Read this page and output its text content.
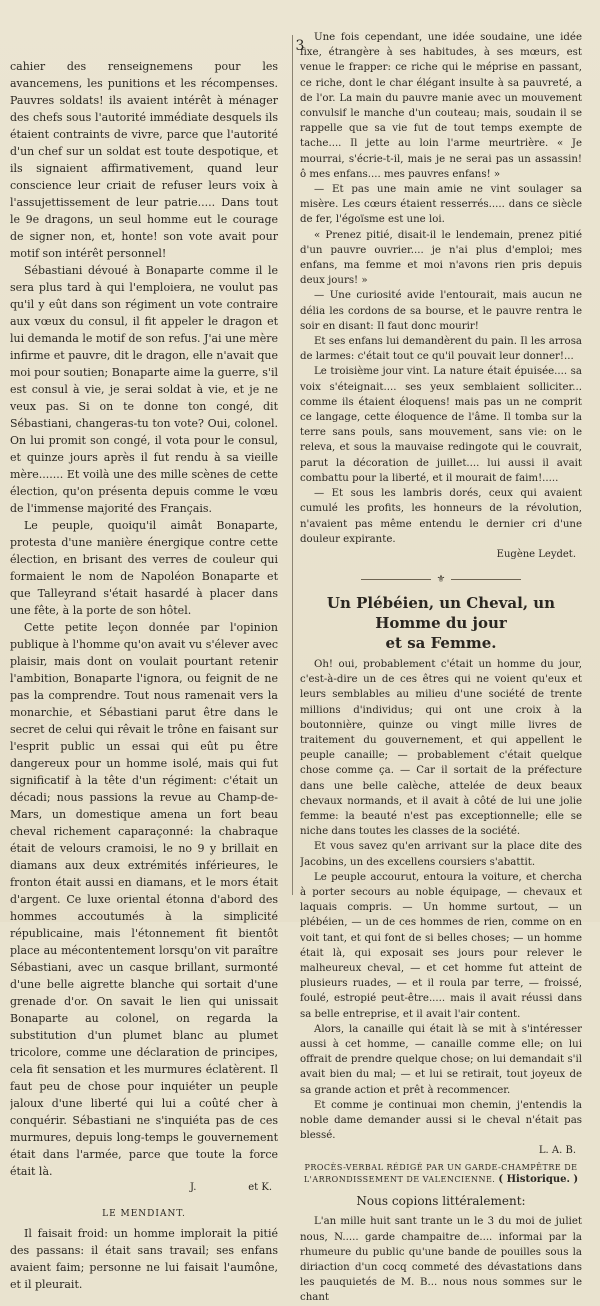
3

cahier des renseignemens pour les avancemens, les punitions et les récompenses. Pauvres soldats! ils avaient intérêt à ménager des chefs sous l'autorité immédiate desquels ils étaient contraints de vivre, parce que l'autorité d'un chef sur un soldat est toute despotique, et ils signaient affirmativement, quand leur conscience leur criait de refuser leurs voix à l'assujettissement de leur patrie..... Dans tout le 9e dragons, un seul homme eut le courage de signer non, et, honte! son vote avait pour motif son intérêt personnel!

Sébastiani dévoué à Bonaparte comme il le sera plus tard à qui l'emploiera, ne voulut pas qu'il y eût dans son régiment un vote contraire aux vœux du consul, il fit appeler le dragon et lui demanda le motif de son refus. J'ai une mère infirme et pauvre, dit le dragon, elle n'avait que moi pour soutien; Bonaparte aime la guerre, s'il est consul à vie, je serai soldat à vie, et je ne veux pas. Si on te donne ton congé, dit Sébastiani, changeras-tu ton vote? Oui, colonel. On lui promit son congé, il vota pour le consul, et quinze jours après il fut rendu à sa vieille mère....... Et voilà une des mille scènes de cette élection, qu'on présenta depuis comme le vœu de l'immense majorité des Français.

Le peuple, quoiqu'il aimât Bonaparte, protesta d'une manière énergique contre cette élection, en brisant des verres de couleur qui formaient le nom de Napoléon Bonaparte et que Talleyrand s'était hasardé à placer dans une fête, à la porte de son hôtel.

Cette petite leçon donnée par l'opinion publique à l'homme qu'on avait vu s'élever avec plaisir, mais dont on voulait pourtant retenir l'ambition, Bonaparte l'ignora, ou feignit de ne pas la comprendre. Tout nous ramenait vers la monarchie, et Sébastiani parut être dans le secret de celui qui rêvait le trône en faisant sur l'esprit public un essai qui eût pu être dangereux pour un homme isolé, mais qui fut significatif à la tête d'un régiment: c'était un décadi; nous passions la revue au Champ-de-Mars, un domestique amena un fort beau cheval richement caparaçonné: la chabraque était de velours cramoisi, le no 9 y brillait en diamans aux deux extrémités inférieures, le fronton était aussi en diamans, et le mors était d'argent. Ce luxe oriental étonna d'abord des hommes accoutumés à la simplicité républicaine, mais l'étonnement fit bientôt place au mécontentement lorsqu'on vit paraître Sébastiani, avec un casque brillant, surmonté d'une belle aigrette blanche qui sortait d'une grenade d'or. On savait le lien qui unissait Bonaparte au colonel, on regarda la substitution d'un plumet blanc au plumet tricolore, comme une déclaration de principes, cela fit sensation et les murmures éclatèrent. Il faut peu de chose pour inquiéter un peuple jaloux d'une liberté qui lui a coûté cher à conquérir. Sébastiani ne s'inquiéta pas de ces murmures, depuis long-temps le gouvernement était dans l'armée, parce que toute la force était là.

J.	et K.
LE MENDIANT.

Il faisait froid: un homme implorait la pitié des passans: il était sans travail; ses enfans avaient faim; personne ne lui faisait l'aumône, et il pleurait.

Une fois cependant, une idée soudaine, une idée fixe, étrangère à ses habitudes, à ses mœurs, est venue le frapper: ce riche qui le méprise en passant, ce riche, dont le char élégant insulte à sa pauvreté, a de l'or. La main du pauvre manie avec un mouvement convulsif le manche d'un couteau; mais, soudain il se rappelle que sa vie fut de tout temps exempte de tache.... Il jette au loin l'arme meurtrière. « Je mourrai, s'écrie-t-il, mais je ne serai pas un assassin! ô mes enfans.... mes pauvres enfans! »

— Et pas une main amie ne vint soulager sa misère. Les cœurs étaient resserrés..... dans ce siècle de fer, l'égoïsme est une loi.

« Prenez pitié, disait-il le lendemain, prenez pitié d'un pauvre ouvrier.... je n'ai plus d'emploi; mes enfans, ma femme et moi n'avons rien pris depuis deux jours! »

— Une curiosité avide l'entourait, mais aucun ne délia les cordons de sa bourse, et le pauvre rentra le soir en disant: Il faut donc mourir!

Et ses enfans lui demandèrent du pain. Il les arrosa de larmes: c'était tout ce qu'il pouvait leur donner!...

Le troisième jour vint. La nature était épuisée.... sa voix s'éteignait.... ses yeux semblaient solliciter... comme ils étaient éloquens! mais pas un ne comprit ce langage, cette éloquence de l'âme. Il tomba sur la terre sans pouls, sans mouvement, sans vie: on le releva, et sous la mauvaise redingote qui le couvrait, parut la décoration de juillet.... lui aussi il avait combattu pour la liberté, et il mourait de faim!.....

— Et sous les lambris dorés, ceux qui avaient cumulé les profits, les honneurs de la révolution, n'avaient pas même entendu le dernier cri d'une douleur expirante.

Eugène Leydet.
⚜
Un Plébéien, un Cheval, un Homme du jour
et sa Femme.

Oh! oui, probablement c'était un homme du jour, c'est-à-dire un de ces êtres qui ne voient qu'eux et leurs semblables au milieu d'une société de trente millions d'individus; qui ont une croix à la boutonnière, quinze ou vingt mille livres de traitement du gouvernement, et qui appellent le peuple canaille; — probablement c'était quelque chose comme ça. — Car il sortait de la préfecture dans une belle calèche, attelée de deux beaux chevaux normands, et il avait à côté de lui une jolie femme: la beauté n'est pas exceptionnelle; elle se niche dans toutes les classes de la société.

Et vous savez qu'en arrivant sur la place dite des Jacobins, un des excellens coursiers s'abattit.

Le peuple accourut, entoura la voiture, et chercha à porter secours au noble équipage, — chevaux et laquais compris. — Un homme surtout, — un plébéien, — un de ces hommes de rien, comme on en voit tant, et qui font de si belles choses; — un homme était là, qui exposait ses jours pour relever le malheureux cheval, — et cet homme fut atteint de plusieurs ruades, — et il roula par terre, — froissé, foulé, estropié peut-être..... mais il avait réussi dans sa belle entreprise, et il avait l'air content.

Alors, la canaille qui était là se mit à s'intéresser aussi à cet homme, — canaille comme elle; on lui offrait de prendre quelque chose; on lui demandait s'il avait bien du mal; — et lui se retirait, tout joyeux de sa grande action et prêt à recommencer.

Et comme je continuai mon chemin, j'entendis la noble dame demander aussi si le cheval n'était pas blessé.

L. A. B.
PROCÈS-VERBAL RÉDIGÉ PAR UN GARDE-CHAMPÊTRE DE L'ARRONDISSEMENT DE VALENCIENNE. ( Historique. )
Nous copions littéralement:

L'an mille huit sant trante un le 3 du moi de juliet nous, N..... garde champaitre de.... informai par la rhumeure du public qu'une bande de pouilles sous la diriaction d'un cocq commeté des dévastations dans les pauquietés de M. B... nous nous sommes sur le chant
